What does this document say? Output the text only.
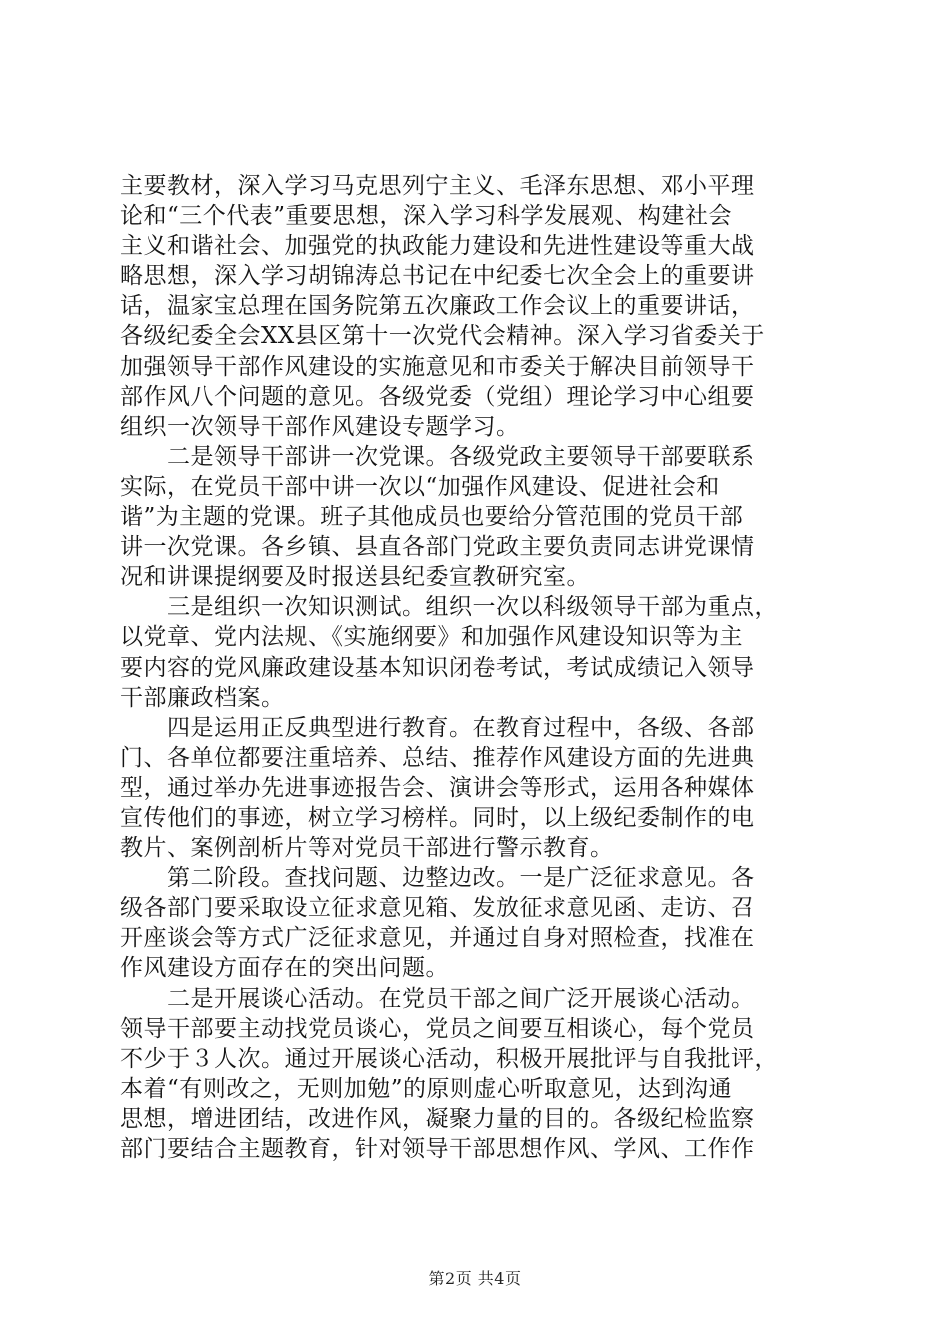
主要教材，深入学习马克思列宁主义、毛泽东思想、邓小平理
论和“三个代表”重要思想，深入学习科学发展观、构建社会
主义和谐社会、加强党的执政能力建设和先进性建设等重大战
略思想，深入学习胡锦涛总书记在中纪委七次全会上的重要讲
话，温家宝总理在国务院第五次廉政工作会议上的重要讲话，
各级纪委全会XX县区第十一次党代会精神。深入学习省委关于
加强领导干部作风建设的实施意见和市委关于解决目前领导干
部作风八个问题的意见。各级党委（党组）理论学习中心组要
组织一次领导干部作风建设专题学习。
　　二是领导干部讲一次党课。各级党政主要领导干部要联系
实际，在党员干部中讲一次以“加强作风建设、促进社会和
谐”为主题的党课。班子其他成员也要给分管范围的党员干部
讲一次党课。各乡镇、县直各部门党政主要负责同志讲党课情
况和讲课提纲要及时报送县纪委宣教研究室。
　　三是组织一次知识测试。组织一次以科级领导干部为重点，
以党章、党内法规、《实施纲要》和加强作风建设知识等为主
要内容的党风廉政建设基本知识闭卷考试，考试成绩记入领导
干部廉政档案。
　　四是运用正反典型进行教育。在教育过程中，各级、各部
门、各单位都要注重培养、总结、推荐作风建设方面的先进典
型，通过举办先进事迹报告会、演讲会等形式，运用各种媒体
宣传他们的事迹，树立学习榜样。同时，以上级纪委制作的电
教片、案例剖析片等对党员干部进行警示教育。
　　第二阶段。查找问题、边整边改。一是广泛征求意见。各
级各部门要采取设立征求意见箱、发放征求意见函、走访、召
开座谈会等方式广泛征求意见，并通过自身对照检查，找准在
作风建设方面存在的突出问题。
　　二是开展谈心活动。在党员干部之间广泛开展谈心活动。
领导干部要主动找党员谈心，党员之间要互相谈心，每个党员
不少于３人次。通过开展谈心活动，积极开展批评与自我批评，
本着“有则改之，无则加勉”的原则虚心听取意见，达到沟通
思想，增进团结，改进作风，凝聚力量的目的。各级纪检监察
部门要结合主题教育，针对领导干部思想作风、学风、工作作
第2页 共4页
